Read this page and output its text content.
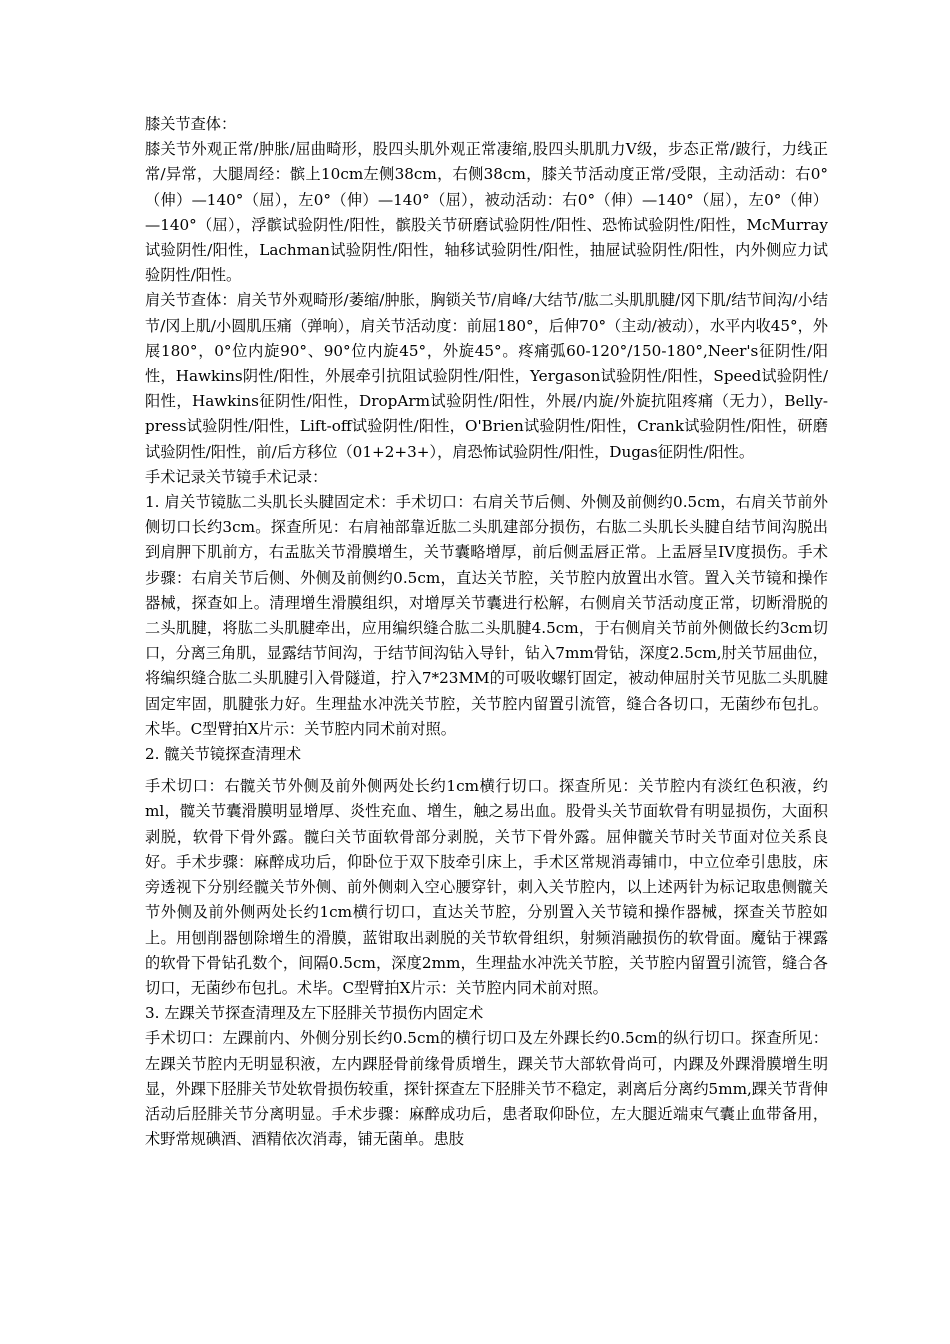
膝关节查体：

膝关节外观正常/肿胀/屈曲畸形，股四头肌外观正常凄缩,股四头肌肌力V级，步态正常/跛行，力线正常/异常，大腿周经：髌上10cm左侧38cm，右侧38cm，膝关节活动度正常/受限，主动活动：右0°（伸）—140°（屈），左0°（伸）—140°（屈），被动活动：右0°（伸）—140°（屈），左0°（伸）—140°（屈），浮髌试验阴性/阳性，髌股关节研磨试验阴性/阳性、恐怖试验阴性/阳性，McMurray试验阴性/阳性，Lachman试验阴性/阳性，轴移试验阴性/阳性，抽屉试验阴性/阳性，内外侧应力试验阴性/阳性。

肩关节查体：肩关节外观畸形/萎缩/肿胀，胸锁关节/肩峰/大结节/肱二头肌肌腱/冈下肌/结节间沟/小结节/冈上肌/小圆肌压痛（弹响），肩关节活动度：前屈180°，后伸70°（主动/被动），水平内收45°，外展180°，0°位内旋90°、90°位内旋45°，外旋45°。疼痛弧60-120°/150-180°,Neer's征阴性/阳性，Hawkins阴性/阳性，外展牵引抗阻试验阴性/阳性，Yergason试验阴性/阳性，Speed试验阴性/阳性，Hawkins征阴性/阳性，DropArm试验阴性/阳性，外展/内旋/外旋抗阻疼痛（无力），Belly-press试验阴性/阳性，Lift-off试验阴性/阳性，O'Brien试验阴性/阳性，Crank试验阴性/阳性，研磨试验阴性/阳性，前/后方移位（01+2+3+），肩恐怖试验阴性/阳性，Dugas征阴性/阳性。

手术记录关节镜手术记录：

1. 肩关节镜肱二头肌长头腱固定术：手术切口：右肩关节后侧、外侧及前侧约0.5cm，右肩关节前外侧切口长约3cm。探查所见：右肩袖部靠近肱二头肌建部分损伤，右肱二头肌长头腱自结节间沟脱出到肩胛下肌前方，右盂肱关节滑膜增生，关节囊略增厚，前后侧盂唇正常。上盂唇呈IV度损伤。手术步骤：右肩关节后侧、外侧及前侧约0.5cm，直达关节腔，关节腔内放置出水管。置入关节镜和操作器械，探查如上。清理增生滑膜组织，对增厚关节囊进行松解，右侧肩关节活动度正常，切断滑脱的二头肌腱，将肱二头肌腱牵出，应用编织缝合肱二头肌腱4.5cm，于右侧肩关节前外侧做长约3cm切口，分离三角肌，显露结节间沟，于结节间沟钻入导针，钻入7mm骨钻，深度2.5cm,肘关节屈曲位，将编织缝合肱二头肌腱引入骨隧道，拧入7*23MM的可吸收螺钉固定，被动伸屈肘关节见肱二头肌腱固定牢固，肌腱张力好。生理盐水冲洗关节腔，关节腔内留置引流管，缝合各切口，无菌纱布包扎。术毕。C型臂拍X片示：关节腔内同术前对照。

2. 髋关节镜探查清理术

手术切口：右髋关节外侧及前外侧两处长约1cm横行切口。探查所见：关节腔内有淡红色积液，约ml，髋关节囊滑膜明显增厚、炎性充血、增生，触之易出血。股骨头关节面软骨有明显损伤，大面积剥脱，软骨下骨外露。髋臼关节面软骨部分剥脱，关节下骨外露。屈伸髋关节时关节面对位关系良好。手术步骤：麻醉成功后，仰卧位于双下肢牵引床上，手术区常规消毒铺巾，中立位牵引患肢，床旁透视下分别经髋关节外侧、前外侧刺入空心腰穿针，刺入关节腔内，以上述两针为标记取患侧髋关节外侧及前外侧两处长约1cm横行切口，直达关节腔，分别置入关节镜和操作器械，探查关节腔如上。用刨削器刨除增生的滑膜，蓝钳取出剥脱的关节软骨组织，射频消融损伤的软骨面。魔钻于裸露的软骨下骨钻孔数个，间隔0.5cm，深度2mm，生理盐水冲洗关节腔，关节腔内留置引流管，缝合各切口，无菌纱布包扎。术毕。C型臂拍X片示：关节腔内同术前对照。

3. 左踝关节探查清理及左下胫腓关节损伤内固定术

手术切口：左踝前内、外侧分别长约0.5cm的横行切口及左外踝长约0.5cm的纵行切口。探查所见：左踝关节腔内无明显积液，左内踝胫骨前缘骨质增生，踝关节大部软骨尚可，内踝及外踝滑膜增生明显，外踝下胫腓关节处软骨损伤较重，探针探查左下胫腓关节不稳定，剥离后分离约5mm,踝关节背伸活动后胫腓关节分离明显。手术步骤：麻醉成功后，患者取仰卧位，左大腿近端束气囊止血带备用，术野常规碘酒、酒精依次消毒，铺无菌单。患肢
